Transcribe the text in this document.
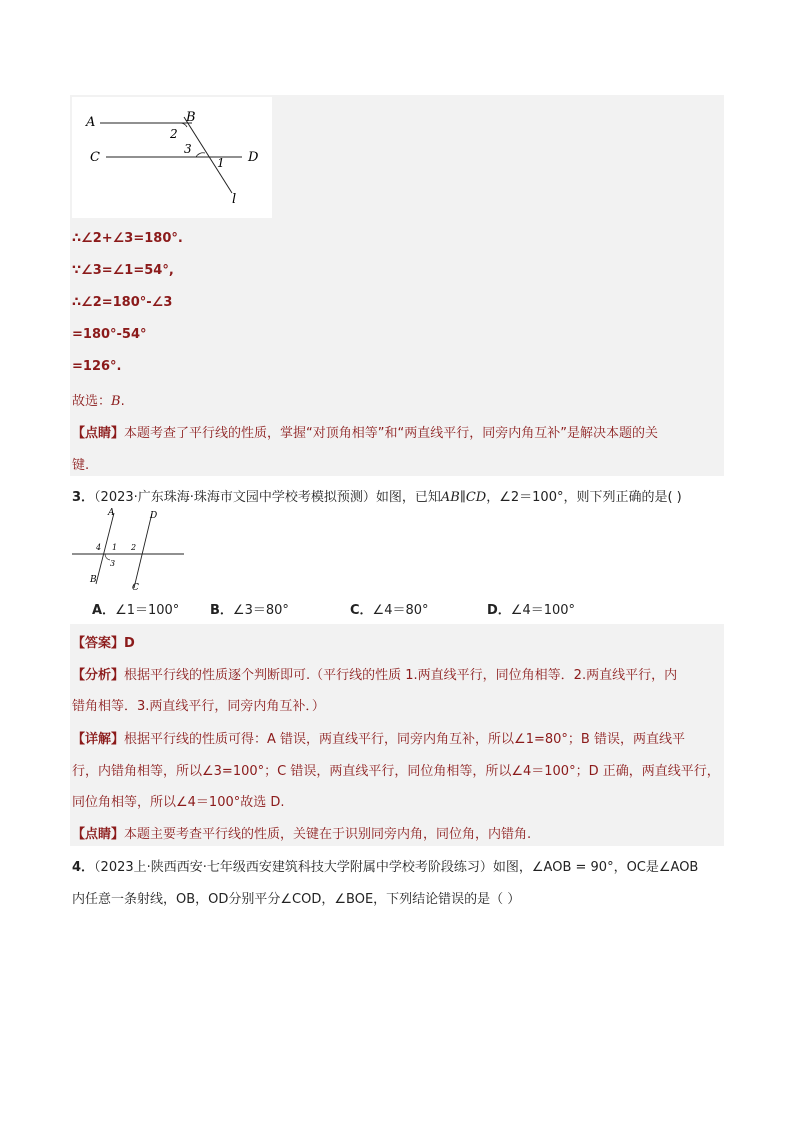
A	B
C	D
l
2
3
1
∴∠2+∠3=180°.
∵∠3=∠1=54°,
∴∠2=180°-∠3
=180°-54°
=126°.
故选：B.
【点睛】本题考查了平行线的性质，掌握“对顶角相等”和“两直线平行，同旁内角互补”是解决本题的关
键.
3．（2023·广东珠海·珠海市文园中学校考模拟预测）如图，已知AB∥CD，∠2＝100°，则下列正确的是( )
A	D
B
C
4 1
3
2
A．∠1＝100° B．∠3＝80°	C．∠4＝80°	D．∠4＝100°
【答案】D
【分析】根据平行线的性质逐个判断即可.（平行线的性质 1.两直线平行，同位角相等．2.两直线平行，内
错角相等．3.两直线平行，同旁内角互补．）
【详解】根据平行线的性质可得：A 错误，两直线平行，同旁内角互补，所以∠1=80°；B 错误，两直线平
行，内错角相等，所以∠3=100°；C 错误，两直线平行，同位角相等，所以∠4＝100°；D 正确，两直线平行，
同位角相等，所以∠4＝100°故选 D.
【点睛】本题主要考查平行线的性质，关键在于识别同旁内角，同位角，内错角.
4．（2023上·陕西西安·七年级西安建筑科技大学附属中学校考阶段练习）如图，∠AOB = 90°，OC是∠AOB
内任意一条射线，OB，OD分别平分∠COD，∠BOE，下列结论错误的是（ ）
